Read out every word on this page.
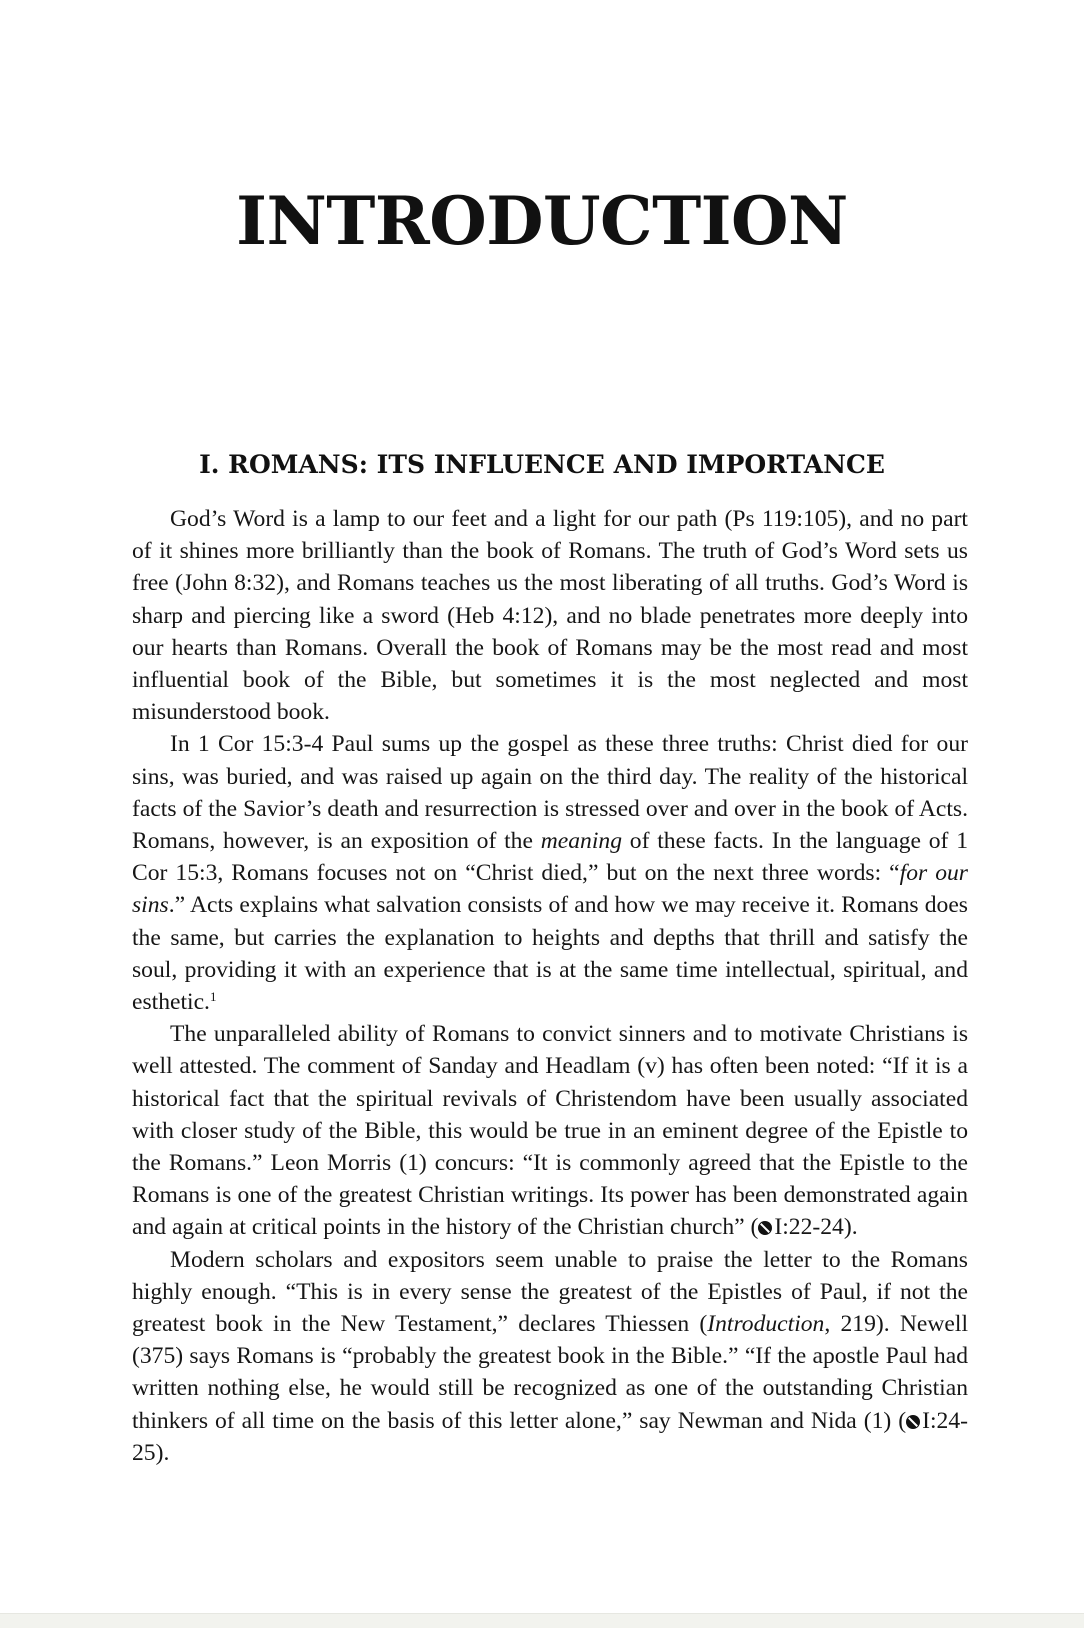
INTRODUCTION
I. ROMANS: ITS INFLUENCE AND IMPORTANCE

God’s Word is a lamp to our feet and a light for our path (Ps 119:105), and no part of it shines more brilliantly than the book of Romans. The truth of God’s Word sets us free (John 8:32), and Romans teaches us the most liberating of all truths. God’s Word is sharp and piercing like a sword (Heb 4:12), and no blade penetrates more deeply into our hearts than Romans. Overall the book of Romans may be the most read and most influential book of the Bible, but sometimes it is the most neglected and most misunderstood book.

In 1 Cor 15:3-4 Paul sums up the gospel as these three truths: Christ died for our sins, was buried, and was raised up again on the third day. The reality of the historical facts of the Savior’s death and resurrection is stressed over and over in the book of Acts. Romans, however, is an exposition of the meaning of these facts. In the language of 1 Cor 15:3, Romans focuses not on “Christ died,” but on the next three words: “for our sins.” Acts explains what salvation consists of and how we may receive it. Romans does the same, but carries the explanation to heights and depths that thrill and satisfy the soul, providing it with an experience that is at the same time intellectual, spiritual, and esthetic.$^1$

The unparalleled ability of Romans to convict sinners and to motivate Christians is well attested. The comment of Sanday and Headlam (v) has often been noted: “If it is a historical fact that the spiritual revivals of Christendom have been usually associated with closer study of the Bible, this would be true in an eminent degree of the Epistle to the Romans.” Leon Morris (1) concurs: “It is commonly agreed that the Epistle to the Romans is one of the greatest Christian writings. Its power has been demonstrated again and again at critical points in the history of the Christian church” ( I:22-24).

Modern scholars and expositors seem unable to praise the letter to the Romans highly enough. “This is in every sense the greatest of the Epistles of Paul, if not the greatest book in the New Testament,” declares Thiessen (Introduction, 219). Newell (375) says Romans is “probably the greatest book in the Bible.” “If the apostle Paul had written nothing else, he would still be recognized as one of the outstanding Christian thinkers of all time on the basis of this letter alone,” say Newman and Nida (1) ( I:24-25).
